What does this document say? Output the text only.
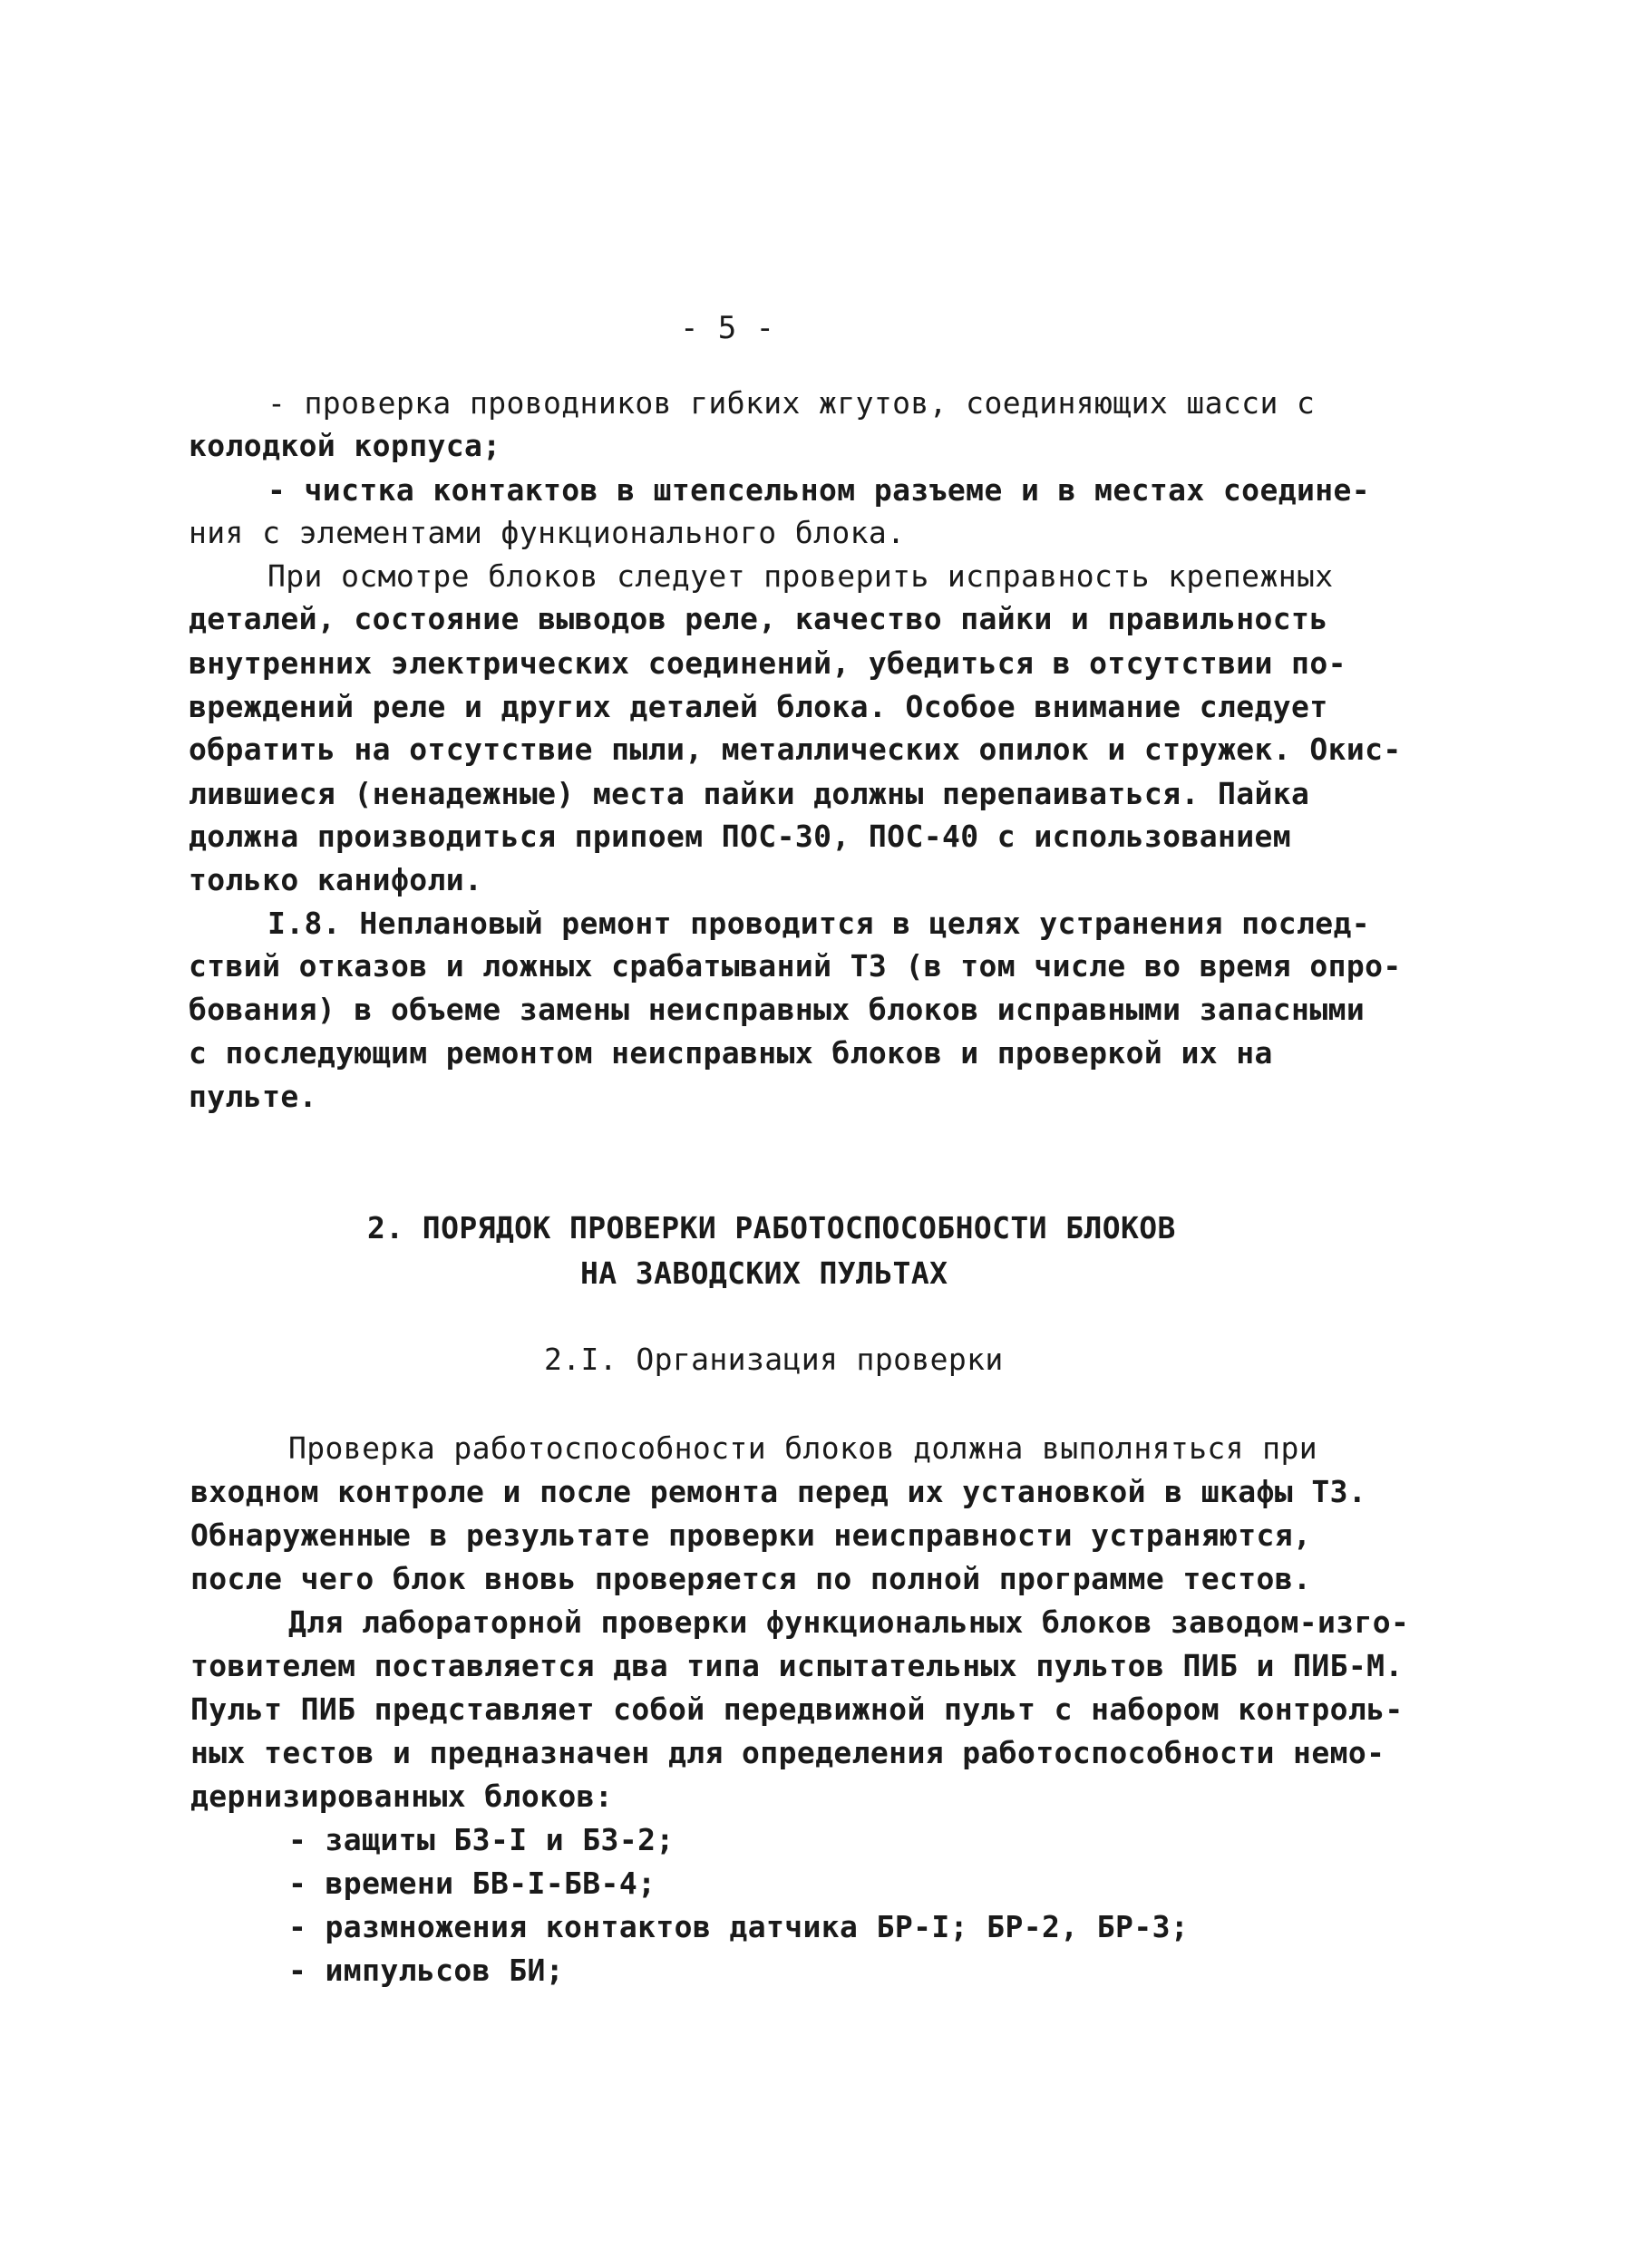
- 5 -
- проверка проводников гибких жгутов, соединяющих шасси с
колодкой корпуса;
- чистка контактов в штепсельном разъеме и в местах соедине-
ния с элементами функционального блока.
При осмотре блоков следует проверить исправность крепежных
деталей, состояние выводов реле, качество пайки и правильность
внутренних электрических соединений, убедиться в отсутствии по-
вреждений реле и других деталей блока. Особое внимание следует
обратить на отсутствие пыли, металлических опилок и стружек. Окис-
лившиеся (ненадежные) места пайки должны перепаиваться. Пайка
должна производиться припоем ПОС-30, ПОС-40 с использованием
только канифоли.
I.8. Неплановый ремонт проводится в целях устранения послед-
ствий отказов и ложных срабатываний ТЗ (в том числе во время опро-
бования) в объеме замены неисправных блоков исправными запасными
с последующим ремонтом неисправных блоков и проверкой их на
пульте.
2. ПОРЯДОК ПРОВЕРКИ РАБОТОСПОСОБНОСТИ БЛОКОВ
НА ЗАВОДСКИХ ПУЛЬТАХ
2.I. Организация проверки
Проверка работоспособности блоков должна выполняться при
входном контроле и после ремонта перед их установкой в шкафы ТЗ.
Обнаруженные в результате проверки неисправности устраняются,
после чего блок вновь проверяется по полной программе тестов.
Для лабораторной проверки функциональных блоков заводом-изго-
товителем поставляется два типа испытательных пультов ПИБ и ПИБ-М.
Пульт ПИБ представляет собой передвижной пульт с набором контроль-
ных тестов и предназначен для определения работоспособности немо-
дернизированных блоков:
- защиты БЗ-I и БЗ-2;
- времени БВ-I-БВ-4;
- размножения контактов датчика БР-I; БР-2, БР-3;
- импульсов БИ;
